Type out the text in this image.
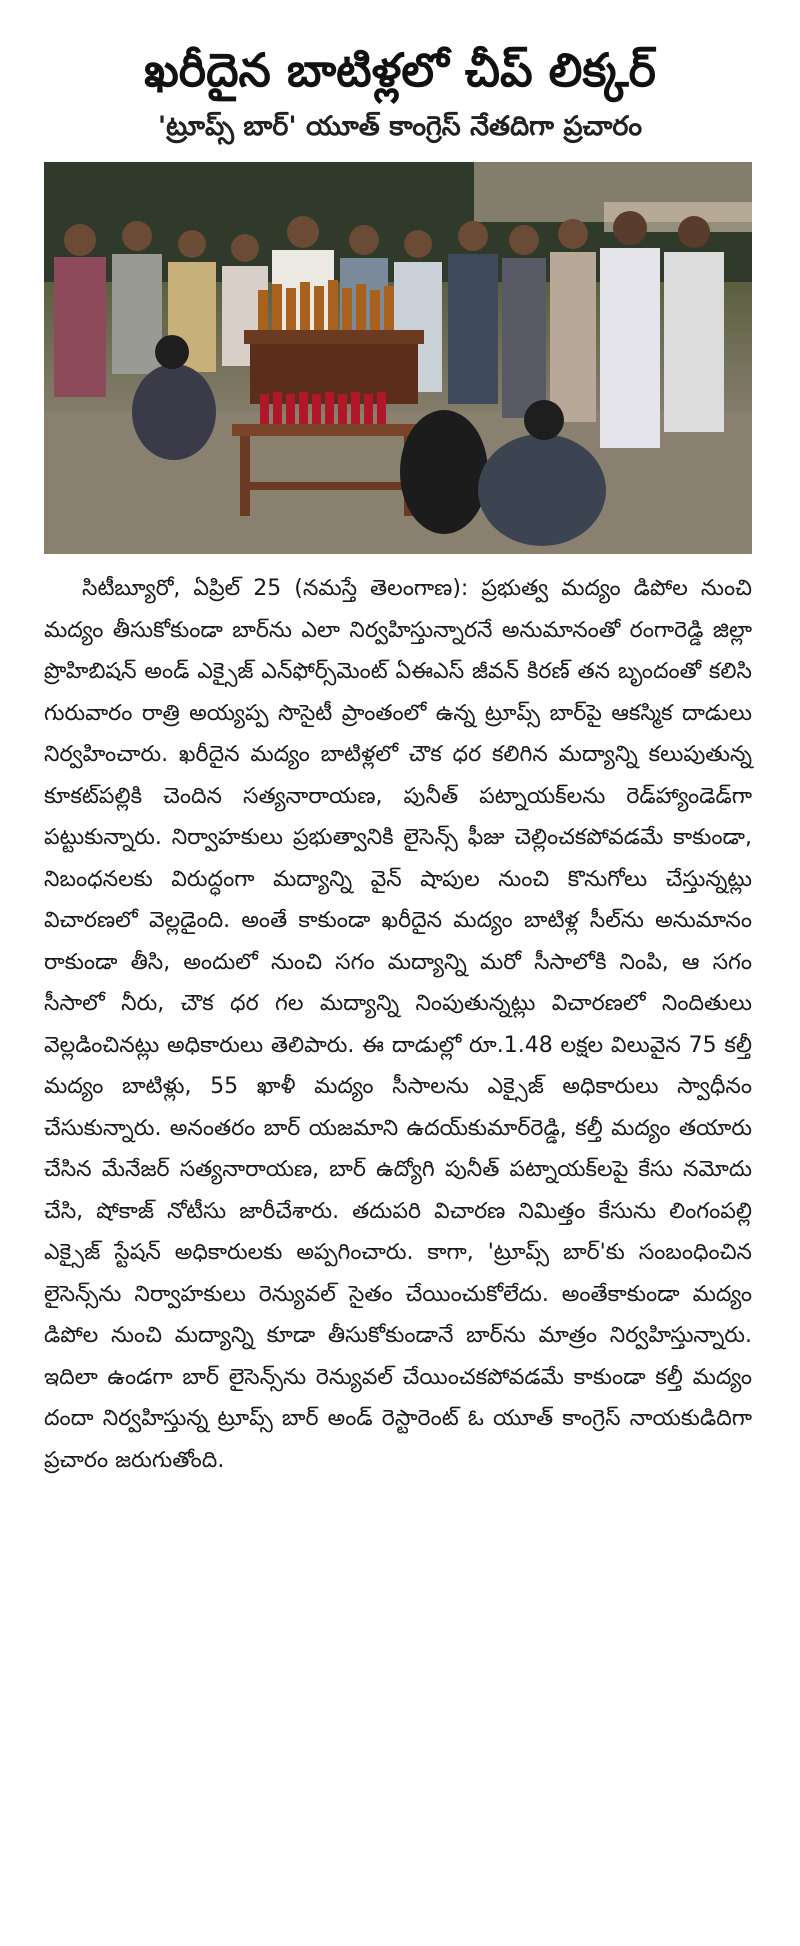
ఖరీదైన బాటిళ్లలో చీప్‌ లిక్కర్‌
'ట్రూప్స్‌ బార్‌' యూత్‌ కాంగ్రెస్‌ నేతదిగా ప్రచారం

సిటీబ్యూరో, ఏప్రిల్‌ 25 (నమస్తే తెలంగాణ): ప్రభుత్వ మద్యం డిపోల నుంచి మద్యం తీసుకోకుండా బార్‌ను ఎలా నిర్వహిస్తున్నారనే అనుమానంతో రంగారెడ్డి జిల్లా ప్రొహిబిషన్‌ అండ్‌ ఎక్సైజ్‌ ఎన్‌ఫోర్స్‌మెంట్‌ ఏఈఎస్‌ జీవన్‌ కిరణ్‌ తన బృందంతో కలిసి గురువారం రాత్రి అయ్యప్ప సొసైటీ ప్రాంతంలో ఉన్న ట్రూప్స్‌ బార్‌పై ఆకస్మిక దాడులు నిర్వహించారు. ఖరీదైన మద్యం బాటిళ్లలో చౌక ధర కలిగిన మద్యాన్ని కలుపుతున్న కూకట్‌పల్లికి చెందిన సత్యనారాయణ, పునీత్‌ పట్నాయక్‌లను రెడ్‌హ్యాండెడ్‌గా పట్టుకున్నారు. నిర్వాహకులు ప్రభుత్వానికి లైసెన్స్‌ ఫీజు చెల్లించకపోవడమే కాకుండా, నిబంధనలకు విరుద్ధంగా మద్యాన్ని వైన్‌ షాపుల నుంచి కొనుగోలు చేస్తున్నట్లు విచారణలో వెల్లడైంది. అంతే కాకుండా ఖరీదైన మద్యం బాటిళ్ల సీల్‌ను అనుమానం రాకుండా తీసి, అందులో నుంచి సగం మద్యాన్ని మరో సీసాలోకి నింపి, ఆ సగం సీసాలో నీరు, చౌక ధర గల మద్యాన్ని నింపుతున్నట్లు విచారణలో నిందితులు వెల్లడించినట్లు అధికారులు తెలిపారు. ఈ దాడుల్లో రూ.1.48 లక్షల విలువైన 75 కల్తీ మద్యం బాటిళ్లు, 55 ఖాళీ మద్యం సీసాలను ఎక్సైజ్‌ అధికారులు స్వాధీనం చేసుకున్నారు. అనంతరం బార్‌ యజమాని ఉదయ్‌కుమార్‌రెడ్డి, కల్తీ మద్యం తయారు చేసిన మేనేజర్‌ సత్యనారాయణ, బార్‌ ఉద్యోగి పునీత్‌ పట్నాయక్‌లపై కేసు నమోదు చేసి, షోకాజ్‌ నోటీసు జారీచేశారు. తదుపరి విచారణ నిమిత్తం కేసును లింగంపల్లి ఎక్సైజ్‌ స్టేషన్‌ అధికారులకు అప్పగించారు. కాగా, 'ట్రూప్స్‌ బార్‌'కు సంబంధించిన లైసెన్స్‌ను నిర్వాహకులు రెన్యువల్‌ సైతం చేయించుకోలేదు. అంతేకాకుండా మద్యం డిపోల నుంచి మద్యాన్ని కూడా తీసుకోకుండానే బార్‌ను మాత్రం నిర్వహిస్తున్నారు. ఇదిలా ఉండగా బార్‌ లైసెన్స్‌ను రెన్యువల్‌ చేయించకపోవడమే కాకుండా కల్తీ మద్యం దందా నిర్వహిస్తున్న ట్రూప్స్‌ బార్‌ అండ్‌ రెస్టారెంట్‌ ఓ యూత్‌ కాంగ్రెస్‌ నాయకుడిదిగా ప్రచారం జరుగుతోంది.
